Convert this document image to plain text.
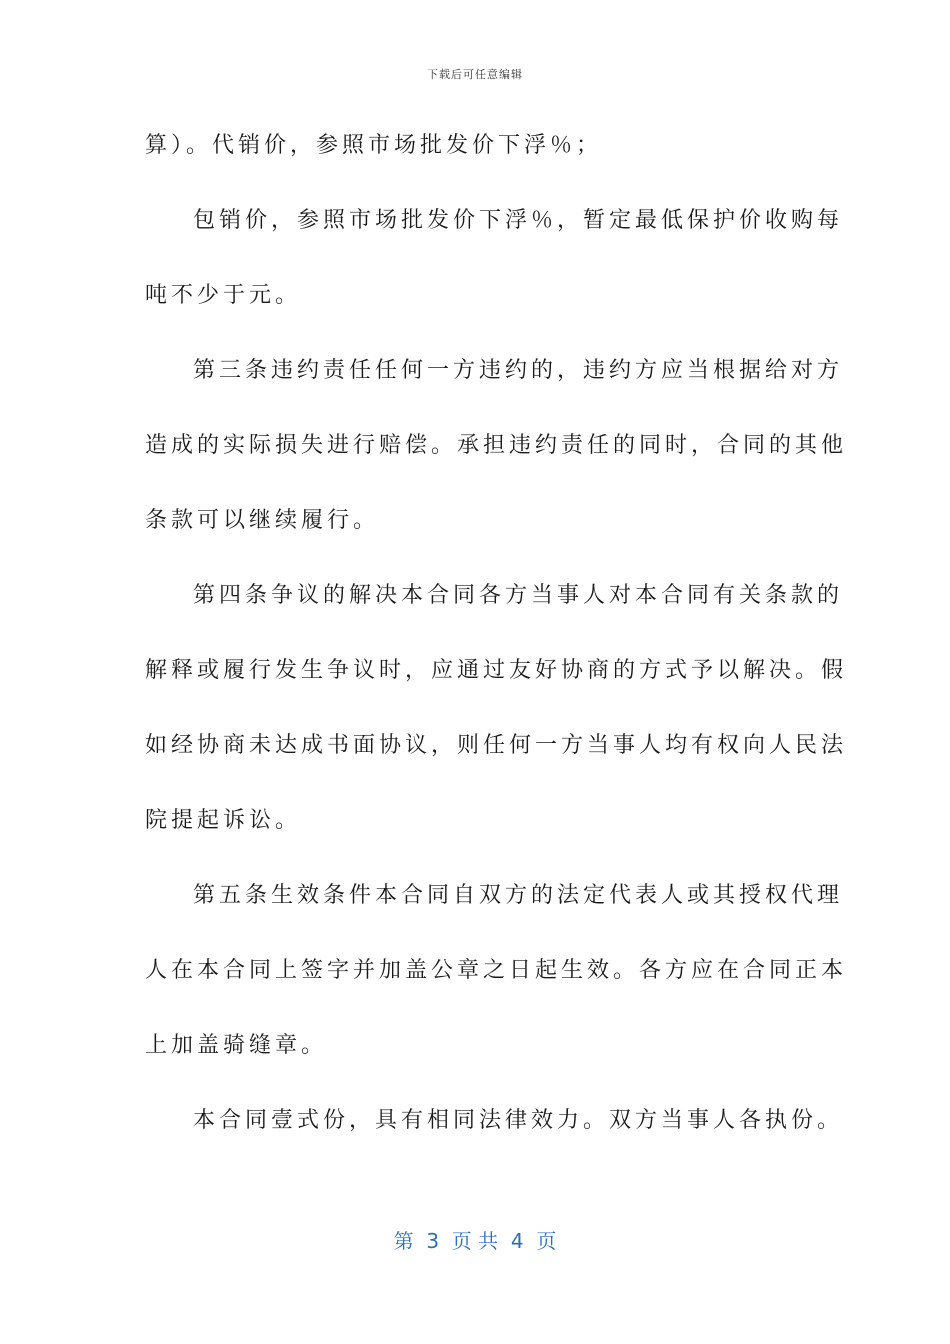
下载后可任意编辑
算）。代销价，参照市场批发价下浮％；
包销价，参照市场批发价下浮％，暂定最低保护价收购每
吨不少于元。
第三条违约责任任何一方违约的，违约方应当根据给对方
造成的实际损失进行赔偿。承担违约责任的同时，合同的其他
条款可以继续履行。
第四条争议的解决本合同各方当事人对本合同有关条款的
解释或履行发生争议时，应通过友好协商的方式予以解决。假
如经协商未达成书面协议，则任何一方当事人均有权向人民法
院提起诉讼。
第五条生效条件本合同自双方的法定代表人或其授权代理
人在本合同上签字并加盖公章之日起生效。各方应在合同正本
上加盖骑缝章。
本合同壹式份，具有相同法律效力。双方当事人各执份。
第  3  页 共  4  页
